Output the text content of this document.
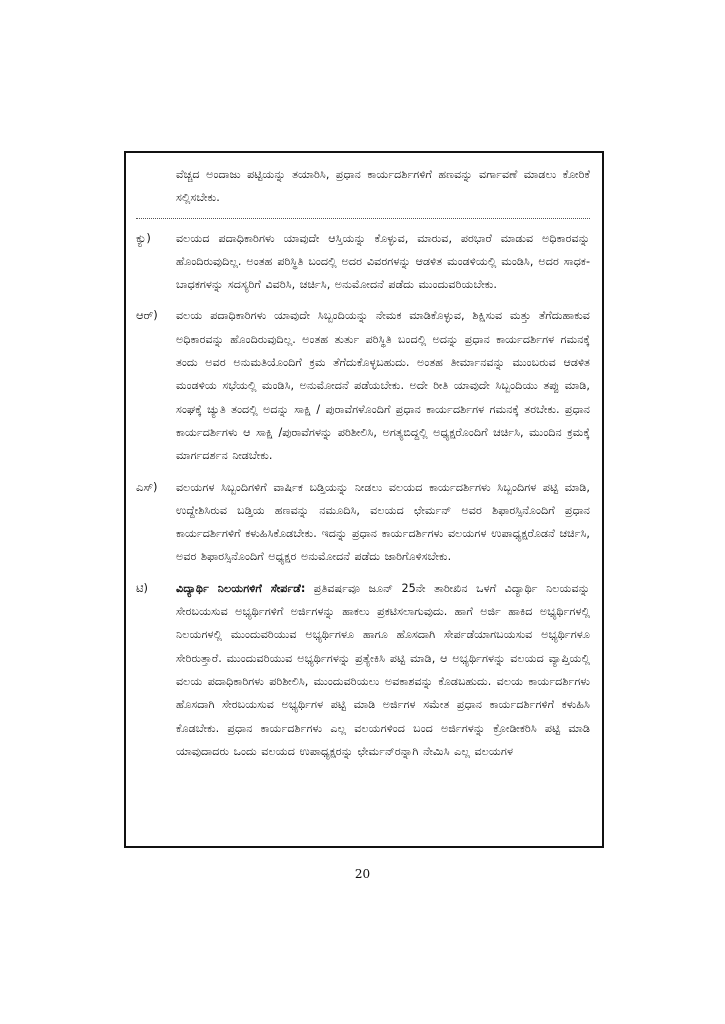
ವೆಚ್ಚದ ಅಂದಾಜು ಪಟ್ಟಿಯನ್ನು ತಯಾರಿಸಿ, ಪ್ರಧಾನ ಕಾರ್ಯದರ್ಶಿಗಳಿಗೆ ಹಣವನ್ನು ವರ್ಗಾವಣೆ ಮಾಡಲು ಕೋರಿಕೆ ಸಲ್ಲಿಸಬೇಕು.
ಕ್ಯು)	ವಲಯದ ಪದಾಧಿಕಾರಿಗಳು ಯಾವುದೇ ಆಸ್ತಿಯನ್ನು ಕೊಳ್ಳುವ, ಮಾರುವ, ಪರಭಾರೆ ಮಾಡುವ ಅಧಿಕಾರವನ್ನು ಹೊಂದಿರುವುದಿಲ್ಲ. ಅಂತಹ ಪರಿಸ್ಥಿತಿ ಬಂದಲ್ಲಿ ಅದರ ವಿವರಗಳನ್ನು ಆಡಳಿತ ಮಂಡಳಿಯಲ್ಲಿ ಮಂಡಿಸಿ, ಅದರ ಸಾಧಕ-ಬಾಧಕಗಳನ್ನು ಸದಸ್ಯರಿಗೆ ವಿವರಿಸಿ, ಚರ್ಚಿಸಿ, ಅನುಮೋದನೆ ಪಡೆದು ಮುಂದುವರಿಯಬೇಕು.
ಆರ್)	ವಲಯ ಪದಾಧಿಕಾರಿಗಳು ಯಾವುದೇ ಸಿಬ್ಬಂದಿಯನ್ನು ನೇಮಕ ಮಾಡಿಕೊಳ್ಳುವ, ಶಿಕ್ಷಿಸುವ ಮತ್ತು ತೆಗೆದುಹಾಕುವ ಅಧಿಕಾರವನ್ನು ಹೊಂದಿರುವುದಿಲ್ಲ. ಅಂತಹ ತುರ್ತು ಪರಿಸ್ಥಿತಿ ಬಂದಲ್ಲಿ ಅದನ್ನು ಪ್ರಧಾನ ಕಾರ್ಯದರ್ಶಿಗಳ ಗಮನಕ್ಕೆ ತಂದು ಅವರ ಅನುಮತಿಯೊಂದಿಗೆ ಕ್ರಮ ತೆಗೆದುಕೊಳ್ಳಬಹುದು. ಅಂತಹ ತೀರ್ಮಾನವನ್ನು ಮುಂಬರುವ ಆಡಳಿತ ಮಂಡಳಿಯ ಸಭೆಯಲ್ಲಿ ಮಂಡಿಸಿ, ಅನುಮೋದನೆ ಪಡೆಯಬೇಕು. ಅದೇ ರೀತಿ ಯಾವುದೇ ಸಿಬ್ಬಂದಿಯು ತಪ್ಪು ಮಾಡಿ, ಸಂಘಕ್ಕೆ ಚ್ಯುತಿ ತಂದಲ್ಲಿ ಅದನ್ನು ಸಾಕ್ಷಿ / ಪುರಾವೆಗಳೊಂದಿಗೆ ಪ್ರಧಾನ ಕಾರ್ಯದರ್ಶಿಗಳ ಗಮನಕ್ಕೆ ತರಬೇಕು. ಪ್ರಧಾನ ಕಾರ್ಯದರ್ಶಿಗಳು ಆ ಸಾಕ್ಷಿ /ಪುರಾವೆಗಳನ್ನು ಪರಿಶೀಲಿಸಿ, ಅಗತ್ಯಬಿದ್ದಲ್ಲಿ ಅಧ್ಯಕ್ಷರೊಂದಿಗೆ ಚರ್ಚಿಸಿ, ಮುಂದಿನ ಕ್ರಮಕ್ಕೆ ಮಾರ್ಗದರ್ಶನ ನೀಡಬೇಕು.
ಎಸ್)	ವಲಯಗಳ ಸಿಬ್ಬಂದಿಗಳಿಗೆ ವಾರ್ಷಿಕ ಬಡ್ತಿಯನ್ನು ನೀಡಲು ವಲಯದ ಕಾರ್ಯದರ್ಶಿಗಳು ಸಿಬ್ಬಂದಿಗಳ ಪಟ್ಟಿ ಮಾಡಿ, ಉದ್ದೇಶಿಸಿರುವ ಬಡ್ತಿಯ ಹಣವನ್ನು ನಮೂದಿಸಿ, ವಲಯದ ಛೇರ್ಮನ್ ಅವರ ಶಿಫಾರಸ್ಸಿನೊಂದಿಗೆ ಪ್ರಧಾನ ಕಾರ್ಯದರ್ಶಿಗಳಿಗೆ ಕಳುಹಿಸಿಕೊಡಬೇಕು. ಇದನ್ನು ಪ್ರಧಾನ ಕಾರ್ಯದರ್ಶಿಗಳು ವಲಯಗಳ ಉಪಾಧ್ಯಕ್ಷರೊಡನೆ ಚರ್ಚಿಸಿ, ಅವರ ಶಿಫಾರಸ್ಸಿನೊಂದಿಗೆ ಅಧ್ಯಕ್ಷರ ಅನುಮೋದನೆ ಪಡೆದು ಜಾರಿಗೊಳಿಸಬೇಕು.
ಟಿ)	ವಿದ್ಯಾರ್ಥಿ ನಿಲಯಗಳಿಗೆ ಸೇರ್ಪಡೆ: ಪ್ರತಿವರ್ಷವೂ ಜೂನ್ 25ನೇ ತಾರೀಖಿನ ಒಳಗೆ ವಿದ್ಯಾರ್ಥಿ ನಿಲಯವನ್ನು ಸೇರಬಯಸುವ ಅಭ್ಯರ್ಥಿಗಳಿಗೆ ಅರ್ಜಿಗಳನ್ನು ಹಾಕಲು ಪ್ರಕಟಿಸಲಾಗುವುದು. ಹಾಗೆ ಅರ್ಜಿ ಹಾಕಿದ ಅಭ್ಯರ್ಥಿಗಳಲ್ಲಿ ನಿಲಯಗಳಲ್ಲಿ ಮುಂದುವರಿಯುವ ಅಭ್ಯರ್ಥಿಗಳೂ ಹಾಗೂ ಹೊಸದಾಗಿ ಸೇರ್ಪಡೆಯಾಗಬಯಸುವ ಅಭ್ಯರ್ಥಿಗಳೂ ಸೇರಿರುತ್ತಾರೆ. ಮುಂದುವರಿಯುವ ಅಭ್ಯರ್ಥಿಗಳನ್ನು ಪ್ರತ್ಯೇಕಿಸಿ ಪಟ್ಟಿ ಮಾಡಿ, ಆ ಅಭ್ಯರ್ಥಿಗಳನ್ನು ವಲಯದ ವ್ಯಾಪ್ತಿಯಲ್ಲಿ ವಲಯ ಪದಾಧಿಕಾರಿಗಳು ಪರಿಶೀಲಿಸಿ, ಮುಂದುವರಿಯಲು ಅವಕಾಶವನ್ನು ಕೊಡಬಹುದು. ವಲಯ ಕಾರ್ಯದರ್ಶಿಗಳು ಹೊಸದಾಗಿ ಸೇರಬಯಸುವ ಅಭ್ಯರ್ಥಿಗಳ ಪಟ್ಟಿ ಮಾಡಿ ಅರ್ಜಿಗಳ ಸಮೇತ ಪ್ರಧಾನ ಕಾರ್ಯದರ್ಶಿಗಳಿಗೆ ಕಳುಹಿಸಿ ಕೊಡಬೇಕು. ಪ್ರಧಾನ ಕಾರ್ಯದರ್ಶಿಗಳು ಎಲ್ಲ ವಲಯಗಳಿಂದ ಬಂದ ಅರ್ಜಿಗಳನ್ನು ಕ್ರೋಡೀಕರಿಸಿ ಪಟ್ಟಿ ಮಾಡಿ ಯಾವುದಾದರು ಒಂದು ವಲಯದ ಉಪಾಧ್ಯಕ್ಷರನ್ನು ಛೇರ್ಮನ್‌ರನ್ನಾಗಿ ನೇಮಿಸಿ ಎಲ್ಲ ವಲಯಗಳ
20
